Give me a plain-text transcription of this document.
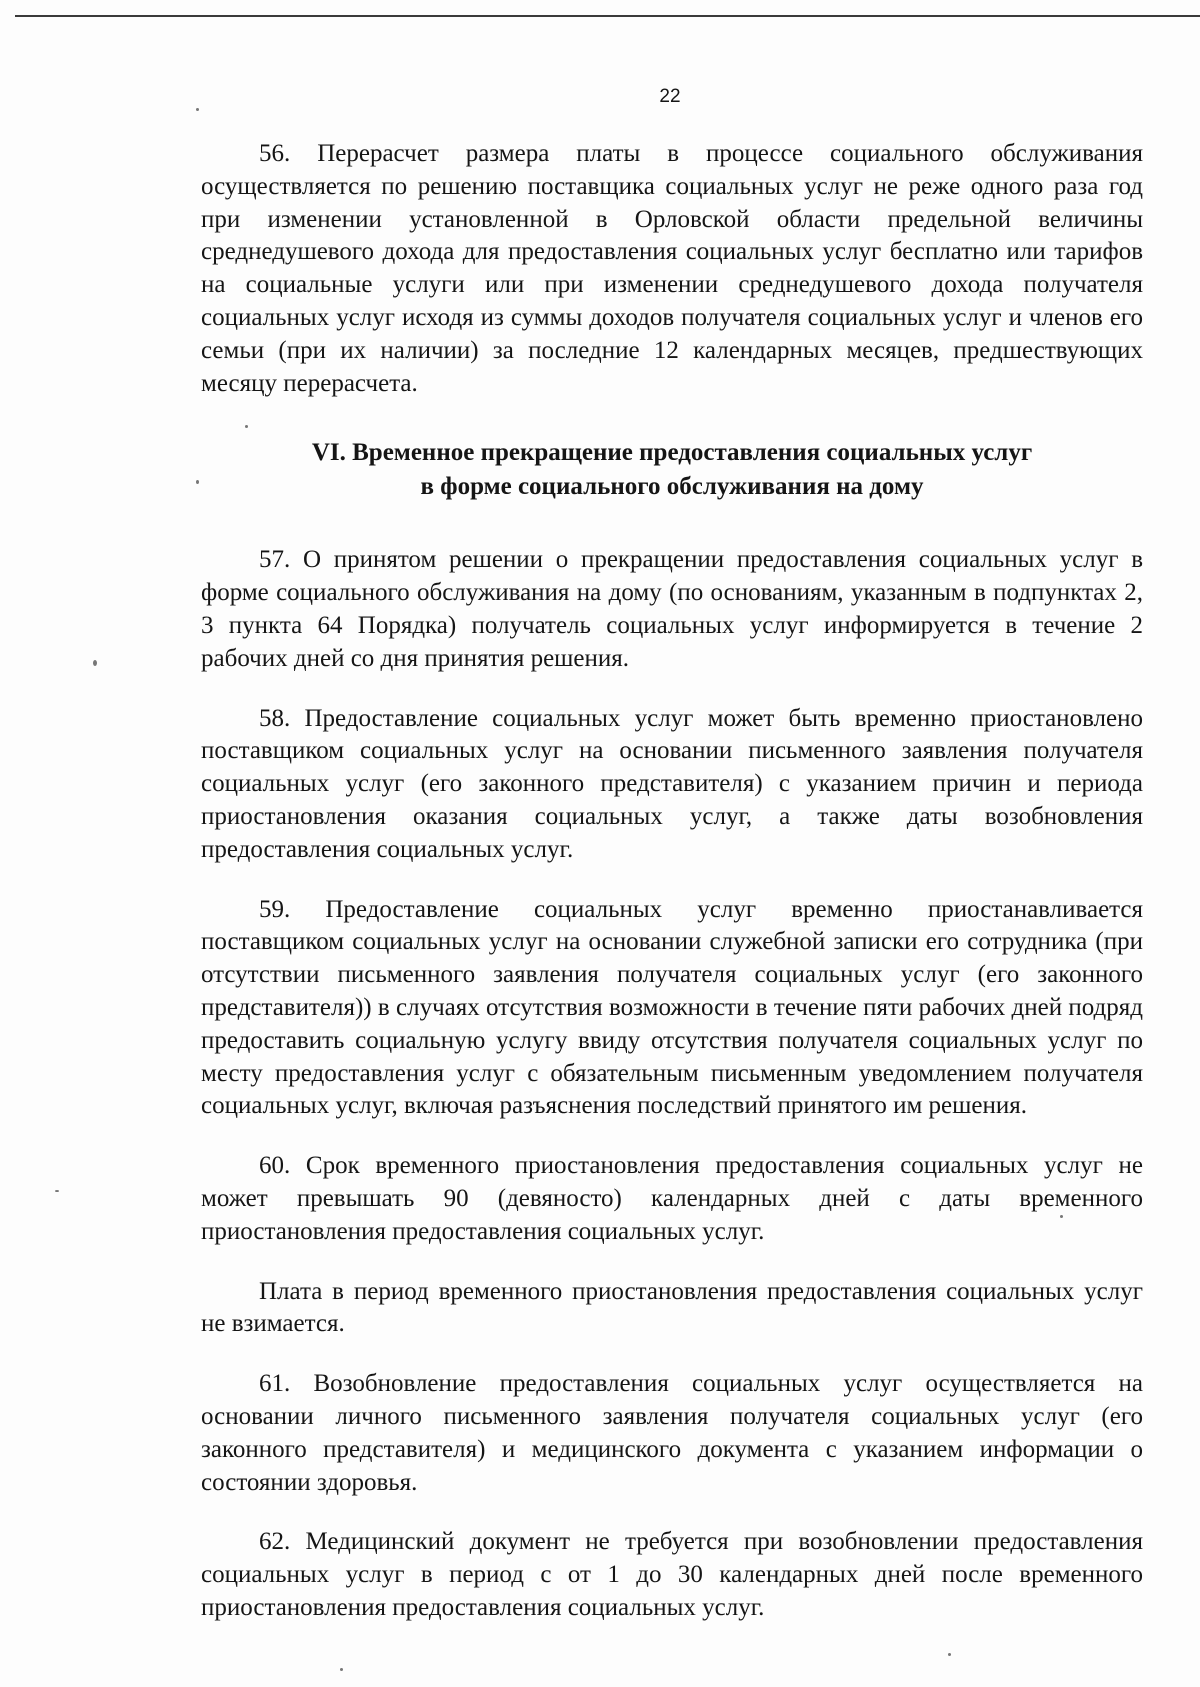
22

56. Перерасчет размера платы в процессе социального обслуживания осуществляется по решению поставщика социальных услуг не реже одного раза год при изменении установленной в Орловской области предельной величины среднедушевого дохода для предоставления социальных услуг бесплатно или тарифов на социальные услуги или при изменении среднедушевого дохода получателя социальных услуг исходя из суммы доходов получателя социальных услуг и членов его семьи (при их наличии) за последние 12 календарных месяцев, предшествующих месяцу перерасчета.

VI. Временное прекращение предоставления социальных услуг
в форме социального обслуживания на дому

57. О принятом решении о прекращении предоставления социальных услуг в форме социального обслуживания на дому (по основаниям, указанным в подпунктах 2, 3 пункта 64 Порядка) получатель социальных услуг информируется в течение 2 рабочих дней со дня принятия решения.

58. Предоставление социальных услуг может быть временно приостановлено поставщиком социальных услуг на основании письменного заявления получателя социальных услуг (его законного представителя) с указанием причин и периода приостановления оказания социальных услуг, а также даты возобновления предоставления социальных услуг.

59. Предоставление социальных услуг временно приостанавливается поставщиком социальных услуг на основании служебной записки его сотрудника (при отсутствии письменного заявления получателя социальных услуг (его законного представителя)) в случаях отсутствия возможности в течение пяти рабочих дней подряд предоставить социальную услугу ввиду отсутствия получателя социальных услуг по месту предоставления услуг с обязательным письменным уведомлением получателя социальных услуг, включая разъяснения последствий принятого им решения.

60. Срок временного приостановления предоставления социальных услуг не может превышать 90 (девяносто) календарных дней с даты временного приостановления предоставления социальных услуг.

Плата в период временного приостановления предоставления социальных услуг не взимается.

61. Возобновление предоставления социальных услуг осуществляется на основании личного письменного заявления получателя социальных услуг (его законного представителя) и медицинского документа с указанием информации о состоянии здоровья.

62. Медицинский документ не требуется при возобновлении предоставления социальных услуг в период с от 1 до 30 календарных дней после временного приостановления предоставления социальных услуг.
